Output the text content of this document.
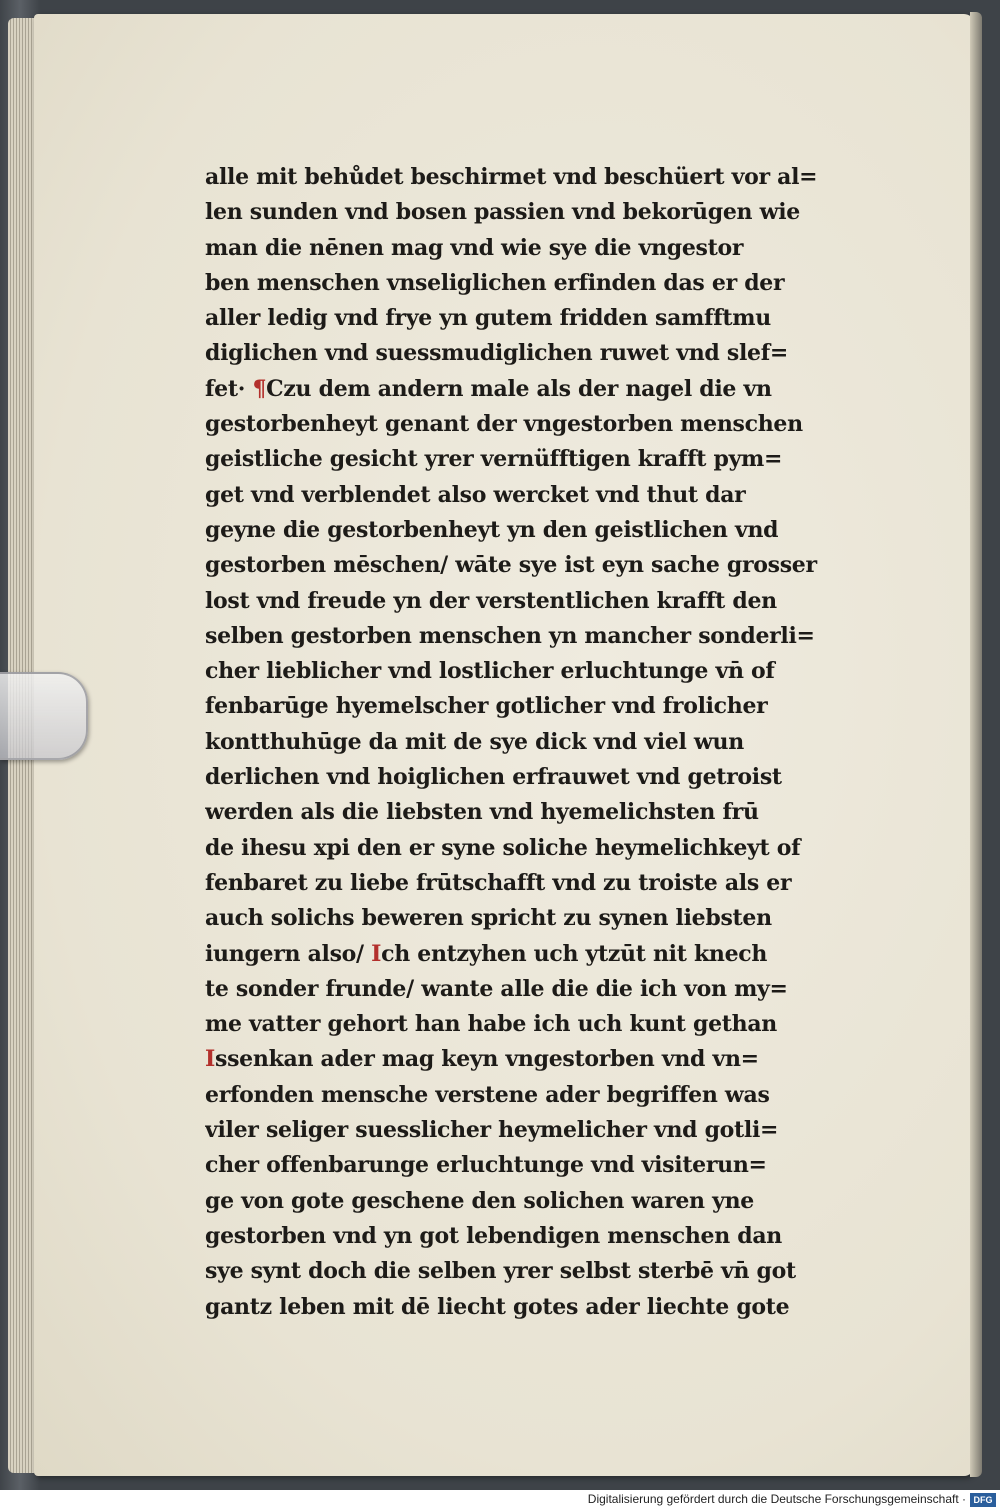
alle mit behůdet beschirmet vnd beschüert vor al=
len sunden vnd bosen passien vnd bekorūgen wie
man die nēnen mag vnd wie sye die vngestor
ben menschen vnseliglichen erfinden das er der
aller ledig vnd frye yn gutem fridden samfftmu
diglichen vnd suessmudiglichen ruwet vnd slef=
fet· ¶Czu dem andern male als der nagel die vn
gestorbenheyt genant der vngestorben menschen
geistliche gesicht yrer vernüfftigen krafft pym=
get vnd verblendet also wercket vnd thut dar
geyne die gestorbenheyt yn den geistlichen vnd
gestorben mēschen/ wāte sye ist eyn sache grosser
lost vnd freude yn der verstentlichen krafft den
selben gestorben menschen yn mancher sonderli=
cher lieblicher vnd lostlicher erluchtunge vn̄ of
fenbarūge hyemelscher gotlicher vnd frolicher
kontthuhūge da mit de sye dick vnd viel wun
derlichen vnd hoiglichen erfrauwet vnd getroist
werden als die liebsten vnd hyemelichsten frū
de ihesu xpi den er syne soliche heymelichkeyt of
fenbaret zu liebe frūtschafft vnd zu troiste als er
auch solichs beweren spricht zu synen liebsten
iungern also/ Ich entzyhen uch ytzūt nit knech
te sonder frunde/ wante alle die die ich von my=
me vatter gehort han habe ich uch kunt gethan
Issenkan ader mag keyn vngestorben vnd vn=
erfonden mensche verstene ader begriffen was
viler seliger suesslicher heymelicher vnd gotli=
cher offenbarunge erluchtunge vnd visiterun=
ge von gote geschene den solichen waren yne
gestorben vnd yn got lebendigen menschen dan
sye synt doch die selben yrer selbst sterbē vn̄ got
gantz leben mit dē liecht gotes ader liechte gote
Digitalisierung gefördert durch die Deutsche Forschungsgemeinschaft · DFG
